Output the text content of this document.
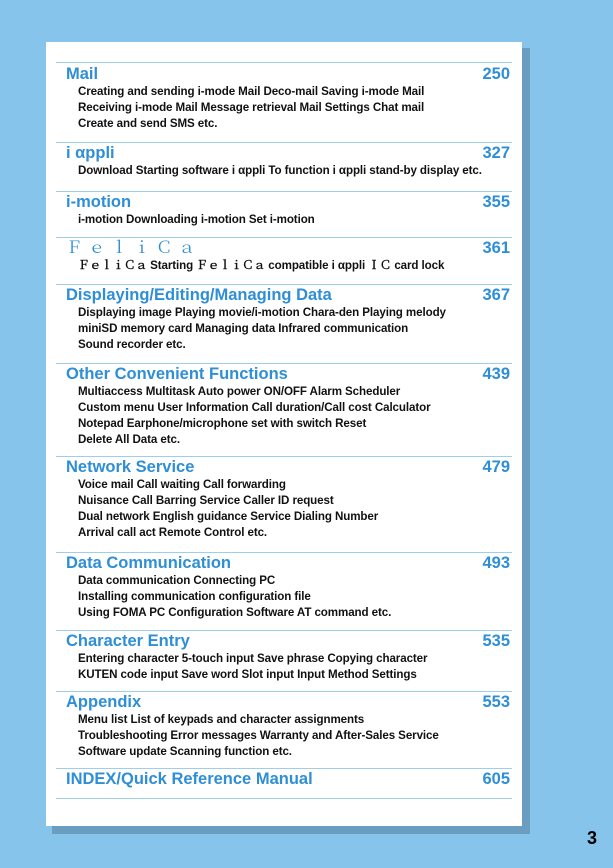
Mail	250
Creating and sending i-mode Mail Deco-mail Saving i-mode Mail
Receiving i-mode Mail Message retrieval Mail Settings Chat mail
Create and send SMS etc.
i αppli	327
Download Starting software i αppli To function i αppli stand-by display etc.
i-motion	355
i-motion Downloading i-motion Set i-motion
ＦｅｌｉＣａ	361
ＦｅｌｉＣａ Starting ＦｅｌｉＣａ compatible i αppli ＩＣ card lock
Displaying/Editing/Managing Data	367
Displaying image Playing movie/i-motion Chara-den Playing melody
miniSD memory card Managing data Infrared communication
Sound recorder etc.
Other Convenient Functions	439
Multiaccess Multitask Auto power ON/OFF Alarm Scheduler
Custom menu User Information Call duration/Call cost Calculator
Notepad Earphone/microphone set with switch Reset
Delete All Data etc.
Network Service	479
Voice mail Call waiting Call forwarding
Nuisance Call Barring Service Caller ID request
Dual network English guidance Service Dialing Number
Arrival call act Remote Control etc.
Data Communication	493
Data communication Connecting PC
Installing communication configuration file
Using FOMA PC Configuration Software AT command etc.
Character Entry	535
Entering character 5-touch input Save phrase Copying character
KUTEN code input Save word Slot input Input Method Settings
Appendix	553
Menu list List of keypads and character assignments
Troubleshooting Error messages Warranty and After-Sales Service
Software update Scanning function etc.
INDEX/Quick Reference Manual	605
3
